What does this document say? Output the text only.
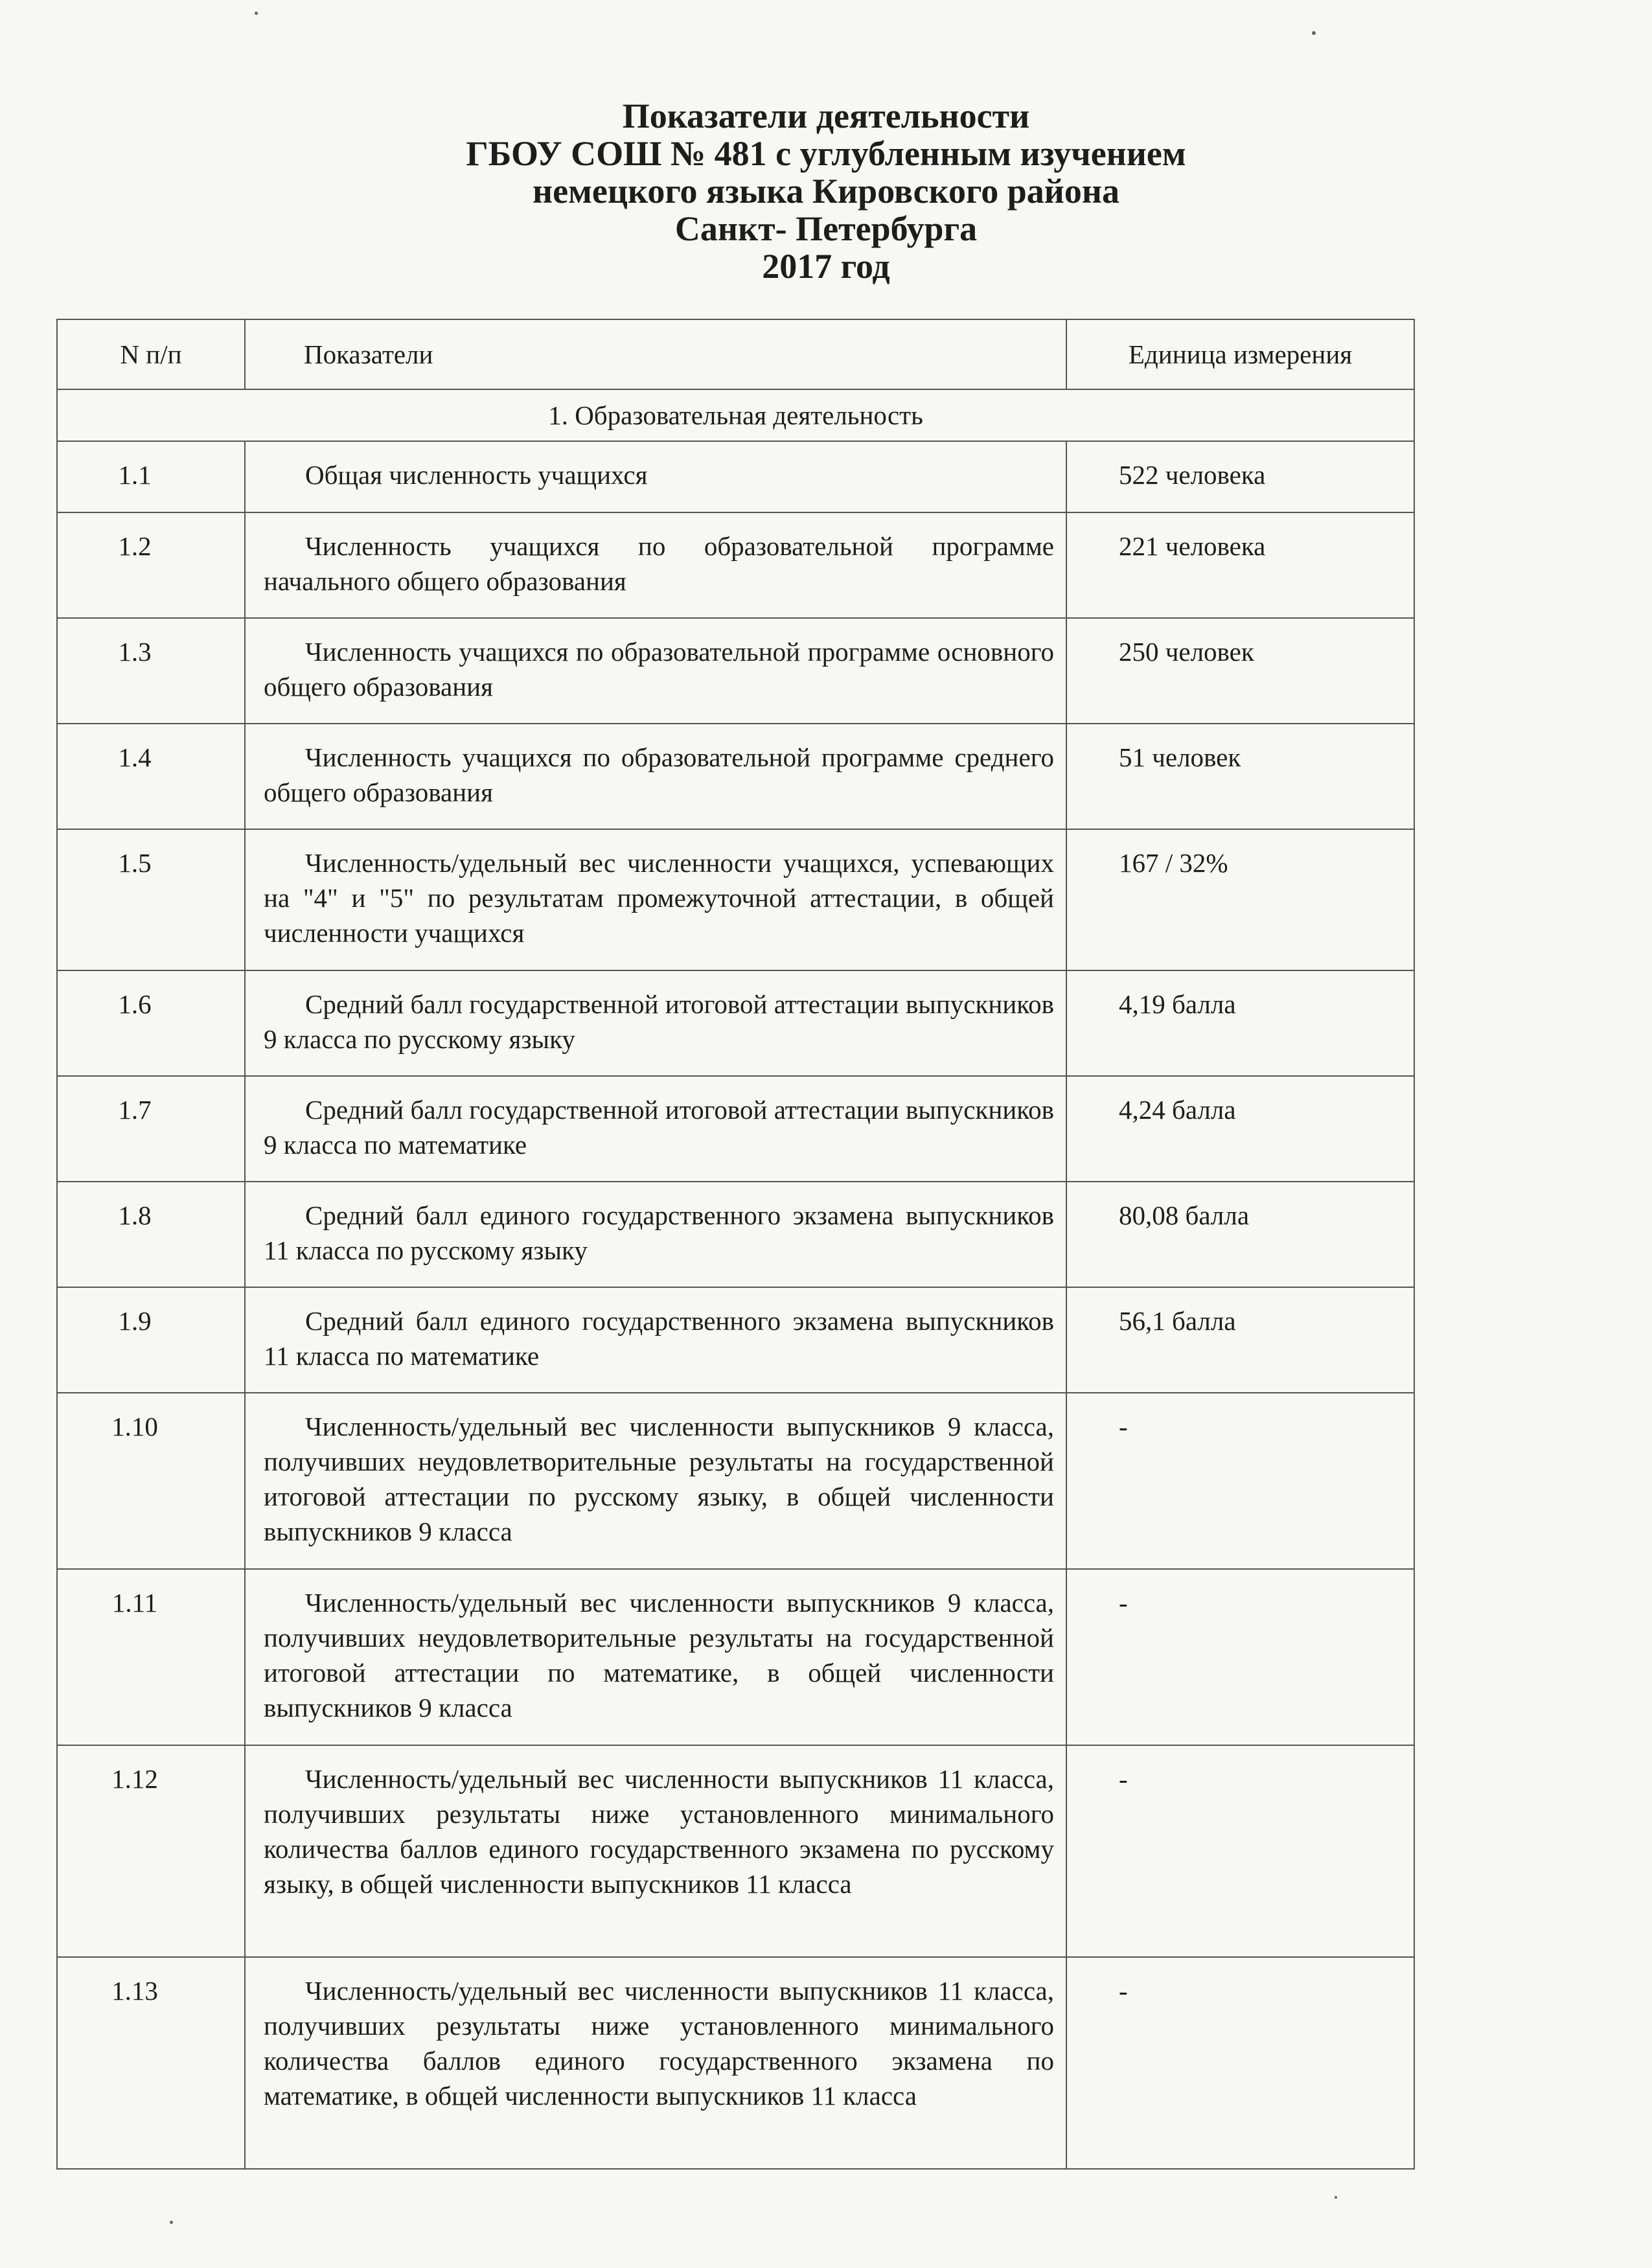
Показатели деятельности
ГБОУ СОШ № 481 с углубленным изучением
немецкого языка Кировского района
Санкт- Петербурга
2017 год
N п/п	Показатели	Единица измерения
1. Образовательная деятельность		
1.1	Общая численность учащихся	522 человека
1.2	Численность учащихся по образовательной программе начального общего образования	221 человека
1.3	Численность учащихся по образовательной программе основного общего образования	250 человек
1.4	Численность учащихся по образовательной программе среднего общего образования	51 человек
1.5	Численность/удельный вес численности учащихся, успевающих на "4" и "5" по результатам промежуточной аттестации, в общей численности учащихся	167 / 32%
1.6	Средний балл государственной итоговой аттестации выпускников 9 класса по русскому языку	4,19 балла
1.7	Средний балл государственной итоговой аттестации выпускников 9 класса по математике	4,24 балла
1.8	Средний балл единого государственного экзамена выпускников 11 класса по русскому языку	80,08 балла
1.9	Средний балл единого государственного экзамена выпускников 11 класса по математике	56,1 балла
1.10	Численность/удельный вес численности выпускников 9 класса, получивших неудовлетворительные результаты на государственной итоговой аттестации по русскому языку, в общей численности выпускников 9 класса	-
1.11	Численность/удельный вес численности выпускников 9 класса, получивших неудовлетворительные результаты на государственной итоговой аттестации по математике, в общей численности выпускников 9 класса	-
1.12	Численность/удельный вес численности выпускников 11 класса, получивших результаты ниже установленного минимального количества баллов единого государственного экзамена по русскому языку, в общей численности выпускников 11 класса	-
1.13	Численность/удельный вес численности выпускников 11 класса, получивших результаты ниже установленного минимального количества баллов единого государственного экзамена по математике, в общей численности выпускников 11 класса	-
